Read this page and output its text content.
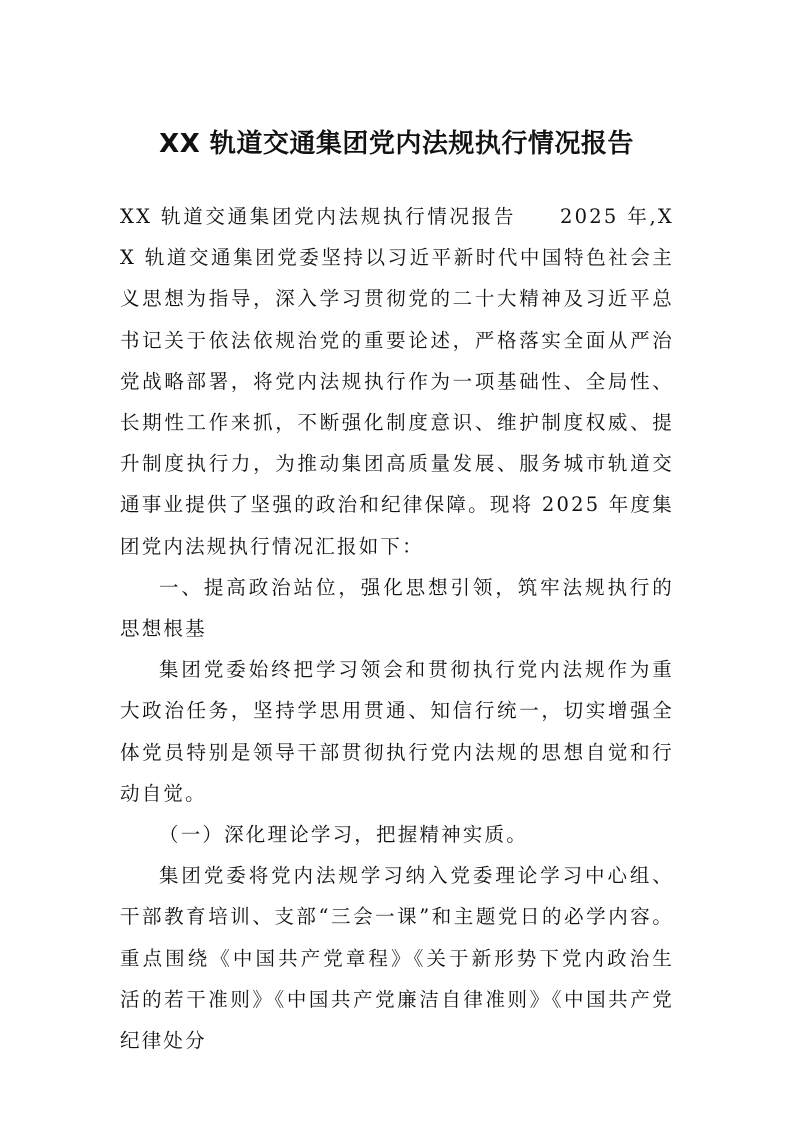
XX 轨道交通集团党内法规执行情况报告

XX 轨道交通集团党内法规执行情况报告 2025 年,XX 轨道交通集团党委坚持以习近平新时代中国特色社会主义思想为指导，深入学习贯彻党的二十大精神及习近平总书记关于依法依规治党的重要论述，严格落实全面从严治党战略部署，将党内法规执行作为一项基础性、全局性、长期性工作来抓，不断强化制度意识、维护制度权威、提升制度执行力，为推动集团高质量发展、服务城市轨道交通事业提供了坚强的政治和纪律保障。现将 2025 年度集团党内法规执行情况汇报如下：

一、提高政治站位，强化思想引领，筑牢法规执行的思想根基

集团党委始终把学习领会和贯彻执行党内法规作为重大政治任务，坚持学思用贯通、知信行统一，切实增强全体党员特别是领导干部贯彻执行党内法规的思想自觉和行动自觉。

（一）深化理论学习，把握精神实质。

集团党委将党内法规学习纳入党委理论学习中心组、干部教育培训、支部“三会一课”和主题党日的必学内容。重点围绕《中国共产党章程》《关于新形势下党内政治生活的若干准则》《中国共产党廉洁自律准则》《中国共产党纪律处分
